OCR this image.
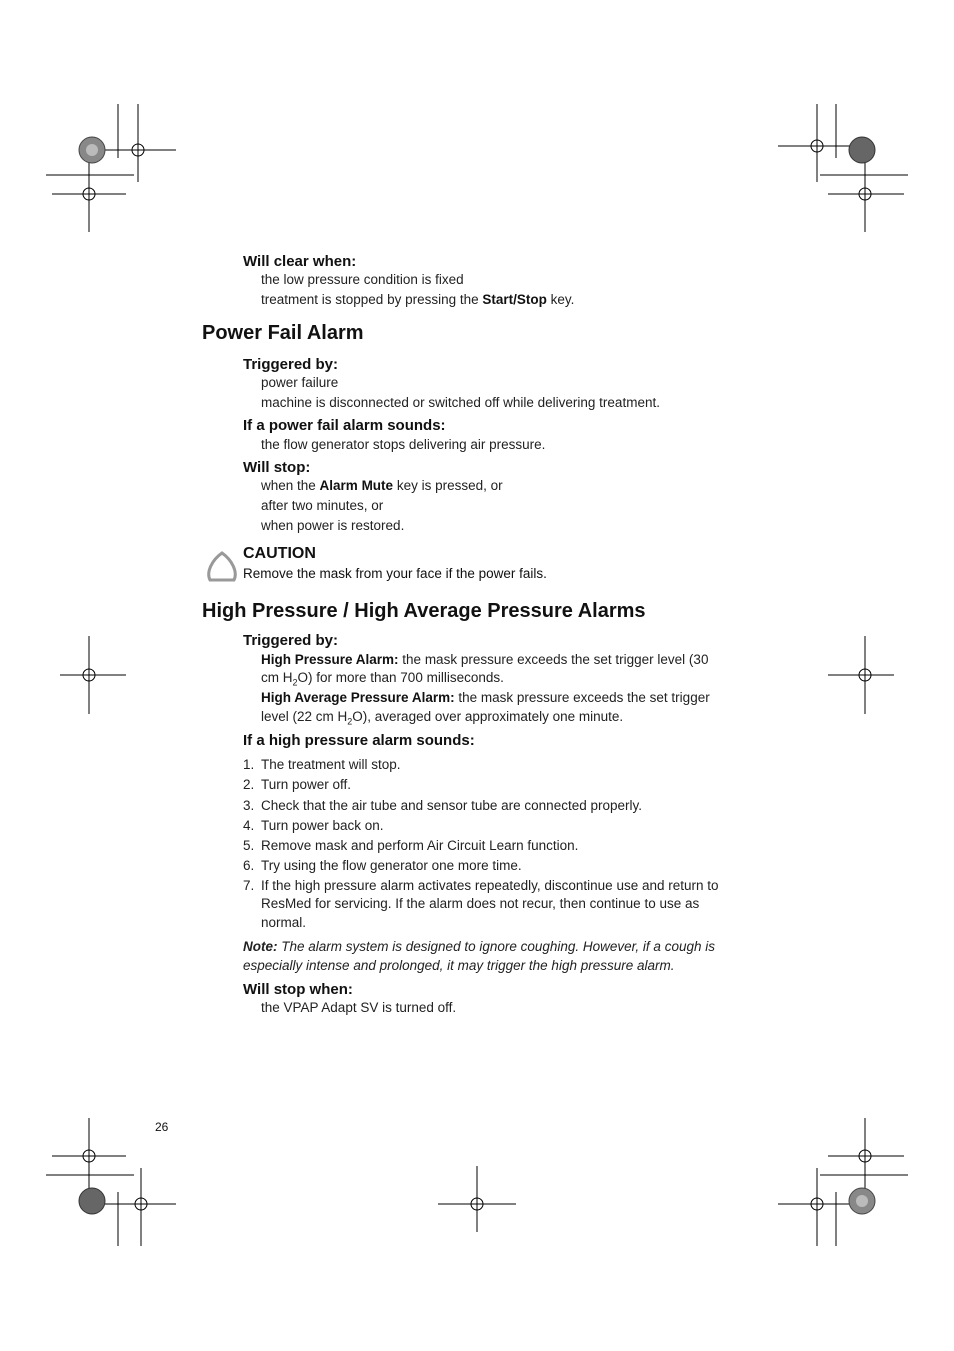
Will clear when:
the low pressure condition is fixed
treatment is stopped by pressing the Start/Stop key.
Power Fail Alarm
Triggered by:
power failure
machine is disconnected or switched off while delivering treatment.
If a power fail alarm sounds:
the flow generator stops delivering air pressure.
Will stop:
when the Alarm Mute key is pressed, or
after two minutes, or
when power is restored.
CAUTION
Remove the mask from your face if the power fails.
High Pressure / High Average Pressure Alarms
Triggered by:
High Pressure Alarm: the mask pressure exceeds the set trigger level (30
cm $H_2O$) for more than 700 milliseconds.
High Average Pressure Alarm: the mask pressure exceeds the set trigger
level (22 cm $H_2O$), averaged over approximately one minute.
If a high pressure alarm sounds:
1. The treatment will stop.
2. Turn power off.
3. Check that the air tube and sensor tube are connected properly.
4. Turn power back on.
5. Remove mask and perform Air Circuit Learn function.
6. Try using the flow generator one more time.
7. If the high pressure alarm activates repeatedly, discontinue use and return to
ResMed for servicing. If the alarm does not recur, then continue to use as
normal.
Note: The alarm system is designed to ignore coughing. However, if a cough is
especially intense and prolonged, it may trigger the high pressure alarm.
Will stop when:
the VPAP Adapt SV is turned off.
26
